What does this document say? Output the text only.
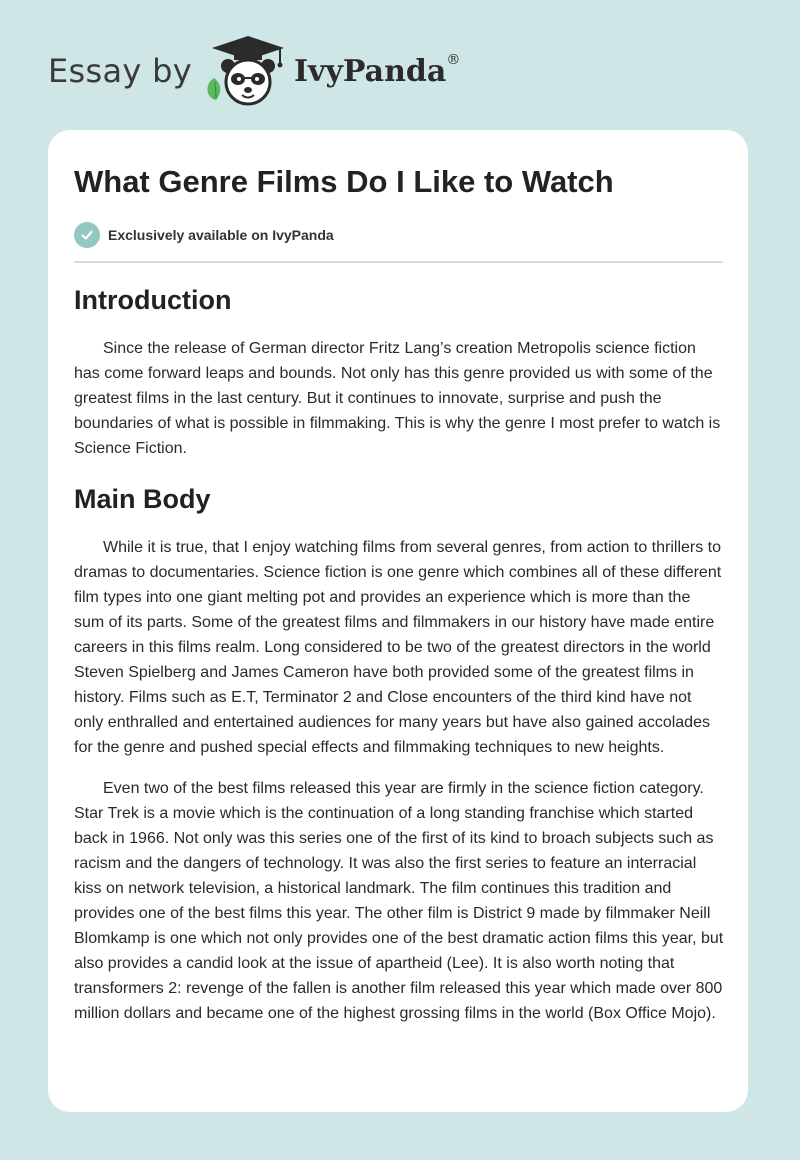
Essay by	IvyPanda®
What Genre Films Do I Like to Watch
Exclusively available on IvyPanda
Introduction

Since the release of German director Fritz Lang’s creation Metropolis science fiction has come forward leaps and bounds. Not only has this genre provided us with some of the greatest films in the last century. But it continues to innovate, surprise and push the boundaries of what is possible in filmmaking. This is why the genre I most prefer to watch is Science Fiction.

Main Body

While it is true, that I enjoy watching films from several genres, from action to thrillers to dramas to documentaries. Science fiction is one genre which combines all of these different film types into one giant melting pot and provides an experience which is more than the sum of its parts. Some of the greatest films and filmmakers in our history have made entire careers in this films realm. Long considered to be two of the greatest directors in the world Steven Spielberg and James Cameron have both provided some of the greatest films in history. Films such as E.T, Terminator 2 and Close encounters of the third kind have not only enthralled and entertained audiences for many years but have also gained accolades for the genre and pushed special effects and filmmaking techniques to new heights.

Even two of the best films released this year are firmly in the science fiction category. Star Trek is a movie which is the continuation of a long standing franchise which started back in 1966. Not only was this series one of the first of its kind to broach subjects such as racism and the dangers of technology. It was also the first series to feature an interracial kiss on network television, a historical landmark. The film continues this tradition and provides one of the best films this year. The other film is District 9 made by filmmaker Neill Blomkamp is one which not only provides one of the best dramatic action films this year, but also provides a candid look at the issue of apartheid (Lee). It is also worth noting that transformers 2: revenge of the fallen is another film released this year which made over 800 million dollars and became one of the highest grossing films in the world (Box Office Mojo).
